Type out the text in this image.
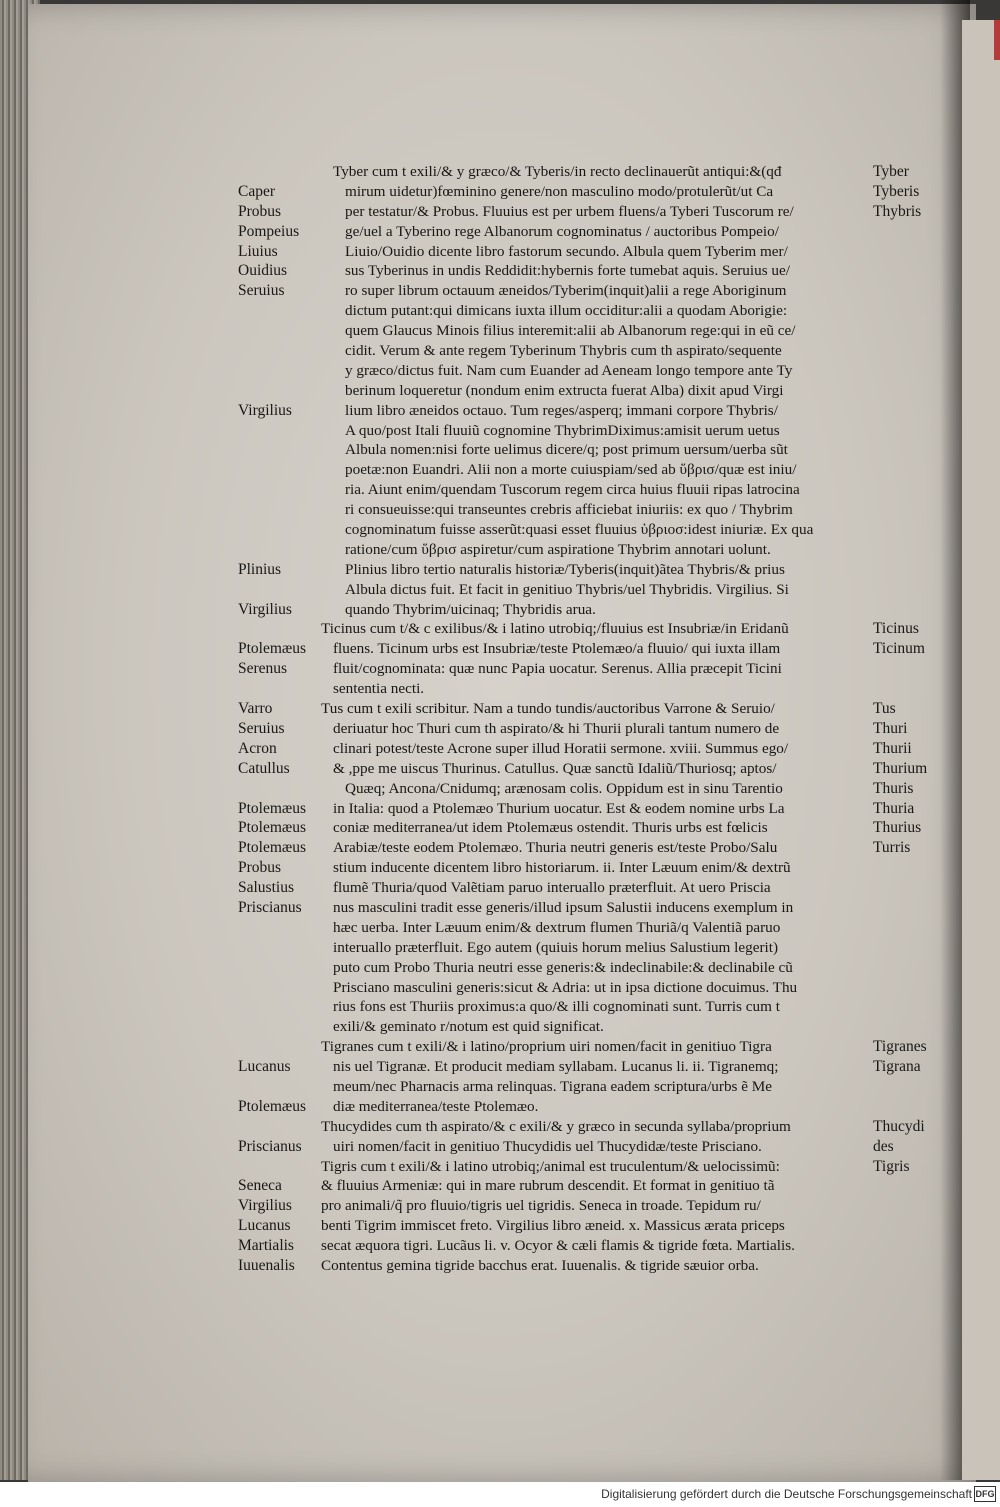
Tyber cum t exili/& y græco/& Tyberis/in recto declinauerũt antiqui:&(qđ	Tyber
Caper	mirum uidetur)fœminino genere/non masculino modo/protulerũt/ut Ca	Tyberis
Probus	per testatur/& Probus. Fluuius est per urbem fluens/a Tyberi Tuscorum re/	Thybris
Pompeius	ge/uel a Tyberino rege Albanorum cognominatus / auctoribus Pompeio/
Liuius	Liuio/Ouidio dicente libro fastorum secundo. Albula quem Tyberim mer/
Ouidius	sus Tyberinus in undis Reddidit:hybernis forte tumebat aquis. Seruius ue/
Seruius	ro super librum octauum æneidos/Tyberim(inquit)alii a rege Aboriginum
dictum putant:qui dimicans iuxta illum occiditur:alii a quodam Aborigie:
quem Glaucus Minois filius interemit:alii ab Albanorum rege:qui in eũ ce/
cidit. Verum & ante regem Tyberinum Thybris cum th aspirato/sequente
y græco/dictus fuit. Nam cum Euander ad Aeneam longo tempore ante Ty
berinum loqueretur (nondum enim extructa fuerat Alba) dixit apud Virgi
Virgilius	lium libro æneidos octauo. Tum reges/asperq; immani corpore Thybris/
A quo/post Itali fluuiũ cognomine ThybrimDiximus:amisit uerum uetus
Albula nomen:nisi forte uelimus dicere/q; post primum uersum/uerba sũt
poetæ:non Euandri. Alii non a morte cuiuspiam/sed ab ὕβρισ/quæ est iniu/
ria. Aiunt enim/quendam Tuscorum regem circa huius fluuii ripas latrocina
ri consueuisse:qui transeuntes crebris afficiebat iniuriis: ex quo / Thybrim
cognominatum fuisse asserũt:quasi esset fluuius ὑβριοσ:idest iniuriæ. Ex qua
ratione/cum ὕβρισ aspiretur/cum aspiratione Thybrim annotari uolunt.
Plinius	Plinius libro tertio naturalis historiæ/Tyberis(inquit)ãtea Thybris/& prius
Albula dictus fuit. Et facit in genitiuo Thybris/uel Thybridis. Virgilius. Si
Virgilius	quando Thybrim/uicinaq; Thybridis arua.
Ticinus cum t/& c exilibus/& i latino utrobiq;/fluuius est Insubriæ/in Eridanũ	Ticinus
Ptolemæus fluens. Ticinum urbs est Insubriæ/teste Ptolemæo/a fluuio/ qui iuxta illam	Ticinum
Serenus	fluit/cognominata: quæ nunc Papia uocatur. Serenus. Allia præcepit Ticini
sententia necti.
Varro	Tus cum t exili scribitur. Nam a tundo tundis/auctoribus Varrone & Seruio/	Tus
Seruius	deriuatur hoc Thuri cum th aspirato/& hi Thurii plurali tantum numero de	Thuri
Acron	clinari potest/teste Acrone super illud Horatii sermone. xviii. Summus ego/	Thurii
Catullus	& ,ppe me uiscus Thurinus. Catullus. Quæ sanctũ Idaliũ/Thuriosq; aptos/	Thurium
Quæq; Ancona/Cnidumq; arænosam colis. Oppidum est in sinu Tarentio	Thuris
Ptolemæus in Italia: quod a Ptolemæo Thurium uocatur. Est & eodem nomine urbs La	Thuria
Ptolemæus coniæ mediterranea/ut idem Ptolemæus ostendit. Thuris urbs est fœlicis	Thurius
Ptolemæus Arabiæ/teste eodem Ptolemæo. Thuria neutri generis est/teste Probo/Salu	Turris
Probus	stium inducente dicentem libro historiarum. ii. Inter Læuum enim/& dextrũ
Salustius	flumẽ Thuria/quod Valẽtiam paruo interuallo præterfluit. At uero Priscia
Priscianus nus masculini tradit esse generis/illud ipsum Salustii inducens exemplum in
hæc uerba. Inter Læuum enim/& dextrum flumen Thuriã/q Valentiã paruo
interuallo præterfluit. Ego autem (quiuis horum melius Salustium legerit)
puto cum Probo Thuria neutri esse generis:& indeclinabile:& declinabile cũ
Prisciano masculini generis:sicut & Adria: ut in ipsa dictione docuimus. Thu
rius fons est Thuriis proximus:a quo/& illi cognominati sunt. Turris cum t
exili/& geminato r/notum est quid significat.
Tigranes cum t exili/& i latino/proprium uiri nomen/facit in genitiuo Tigra	Tigranes
Lucanus	nis uel Tigranæ. Et producit mediam syllabam. Lucanus li. ii. Tigranemq;	Tigrana
meum/nec Pharnacis arma relinquas. Tigrana eadem scriptura/urbs ẽ Me
Ptolemæus diæ mediterranea/teste Ptolemæo.
Thucydides cum th aspirato/& c exili/& y græco in secunda syllaba/proprium	Thucydi
Priscianus uiri nomen/facit in genitiuo Thucydidis uel Thucydidæ/teste Prisciano.	des
Tigris cum t exili/& i latino utrobiq;/animal est truculentum/& uelocissimũ:	Tigris
Seneca	& fluuius Armeniæ: qui in mare rubrum descendit. Et format in genitiuo tã
Virgilius pro animali/q̃ pro fluuio/tigris uel tigridis. Seneca in troade. Tepidum ru/
Lucanus benti Tigrim immiscet freto. Virgilius libro æneid. x. Massicus ærata priceps
Martialis secat æquora tigri. Lucãus li. v. Ocyor & cæli flamis & tigride fœta. Martialis.
Iuuenalis Contentus gemina tigride bacchus erat. Iuuenalis. & tigride sæuior orba.
Digitalisierung gefördert durch die Deutsche Forschungsgemeinschaft DFG
